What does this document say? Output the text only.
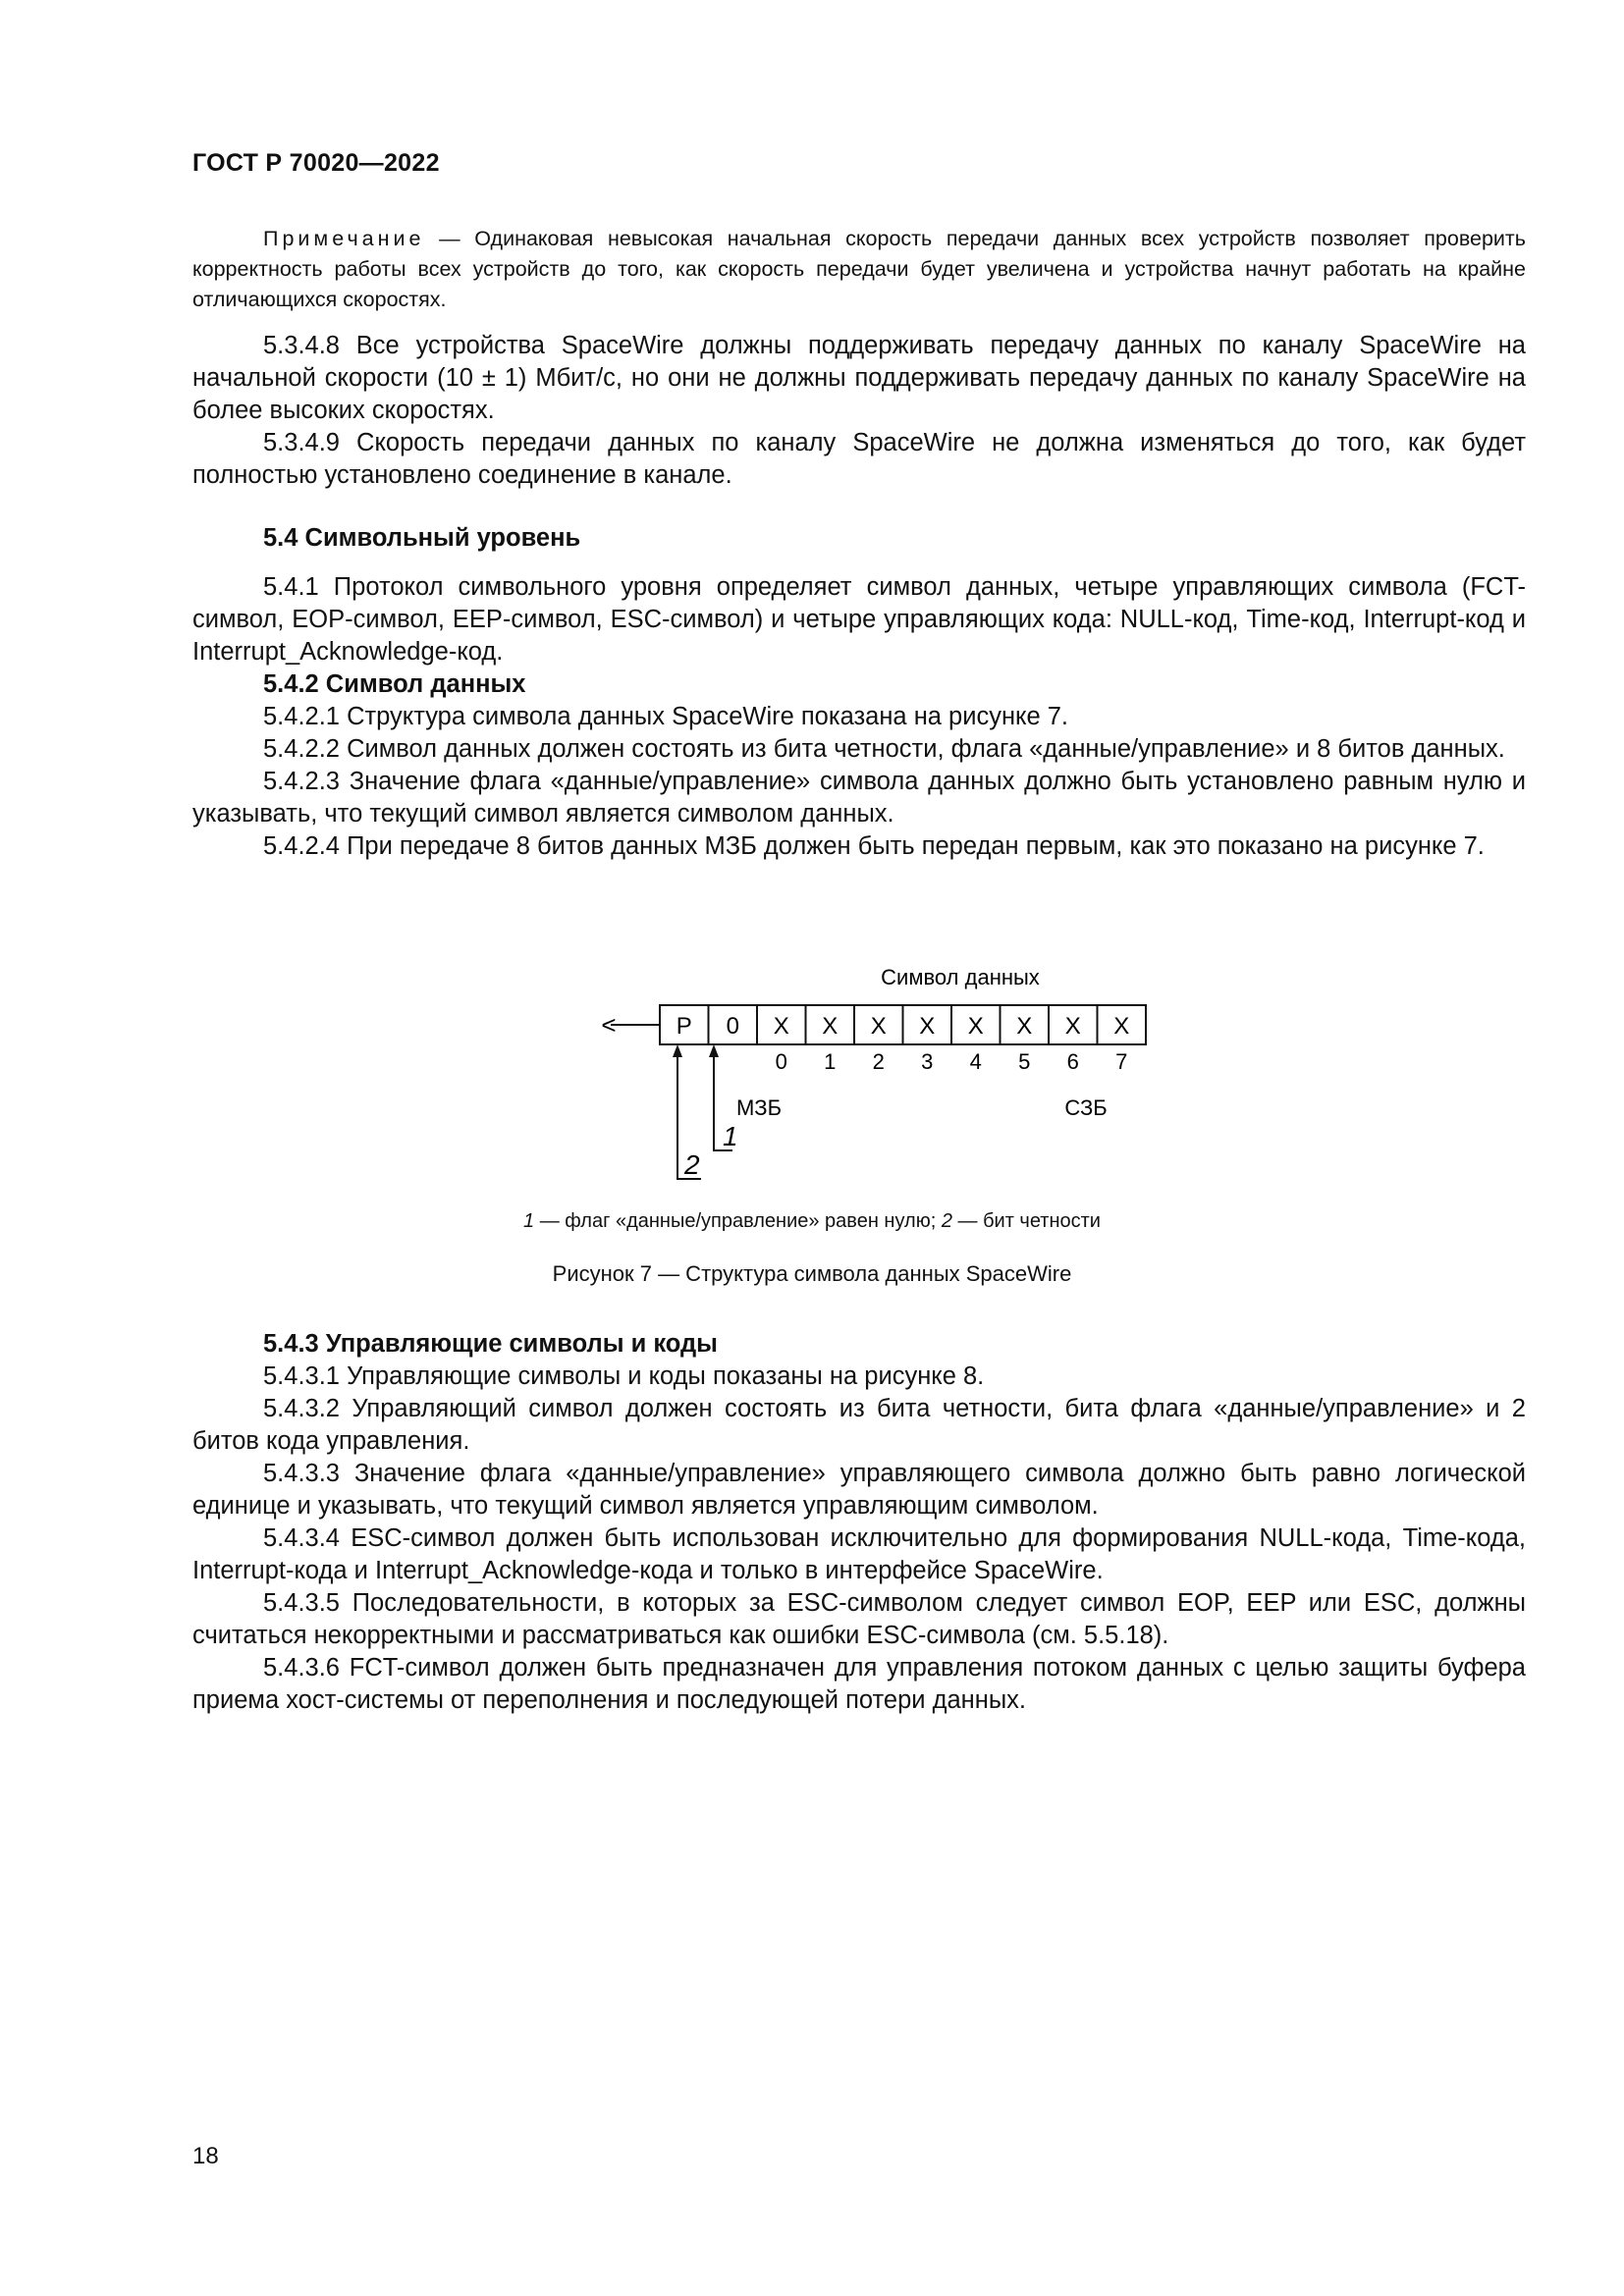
ГОСТ Р 70020—2022
Примечание — Одинаковая невысокая начальная скорость передачи данных всех устройств позволяет проверить корректность работы всех устройств до того, как скорость передачи будет увеличена и устройства начнут работать на крайне отличающихся скоростях.

5.3.4.8 Все устройства SpaceWire должны поддерживать передачу данных по каналу SpaceWire на начальной скорости (10 ± 1) Мбит/с, но они не должны поддерживать передачу данных по каналу SpaceWire на более высоких скоростях.

5.3.4.9 Скорость передачи данных по каналу SpaceWire не должна изменяться до того, как будет полностью установлено соединение в канале.

5.4 Символьный уровень

5.4.1 Протокол символьного уровня определяет символ данных, четыре управляющих символа (FCT-символ, EOP-символ, EEP-символ, ESC-символ) и четыре управляющих кода: NULL-код, Time-код, Interrupt-код и Interrupt_Acknowledge-код.

5.4.2 Символ данных

5.4.2.1 Структура символа данных SpaceWire показана на рисунке 7.

5.4.2.2 Символ данных должен состоять из бита четности, флага «данные/управление» и 8 битов данных.

5.4.2.3 Значение флага «данные/управление» символа данных должно быть установлено равным нулю и указывать, что текущий символ является символом данных.

5.4.2.4 При передаче 8 битов данных МЗБ должен быть передан первым, как это показано на рисунке 7.

Символ данных
<	P 0 X X X X X X X X
0 1 2 3 4 5 6 7
МЗБ	СЗБ
1
2
1 — флаг «данные/управление» равен нулю; 2 — бит четности
Рисунок 7 — Структура символа данных SpaceWire

5.4.3 Управляющие символы и коды

5.4.3.1 Управляющие символы и коды показаны на рисунке 8.

5.4.3.2 Управляющий символ должен состоять из бита четности, бита флага «данные/управление» и 2 битов кода управления.

5.4.3.3 Значение флага «данные/управление» управляющего символа должно быть равно логической единице и указывать, что текущий символ является управляющим символом.

5.4.3.4 ESC-символ должен быть использован исключительно для формирования NULL-кода, Time-кода, Interrupt-кода и Interrupt_Acknowledge-кода и только в интерфейсе SpaceWire.

5.4.3.5 Последовательности, в которых за ESC-символом следует символ EOP, EEP или ESC, должны считаться некорректными и рассматриваться как ошибки ESC-символа (см. 5.5.18).

5.4.3.6 FCT-символ должен быть предназначен для управления потоком данных с целью защиты буфера приема хост-системы от переполнения и последующей потери данных.

18
